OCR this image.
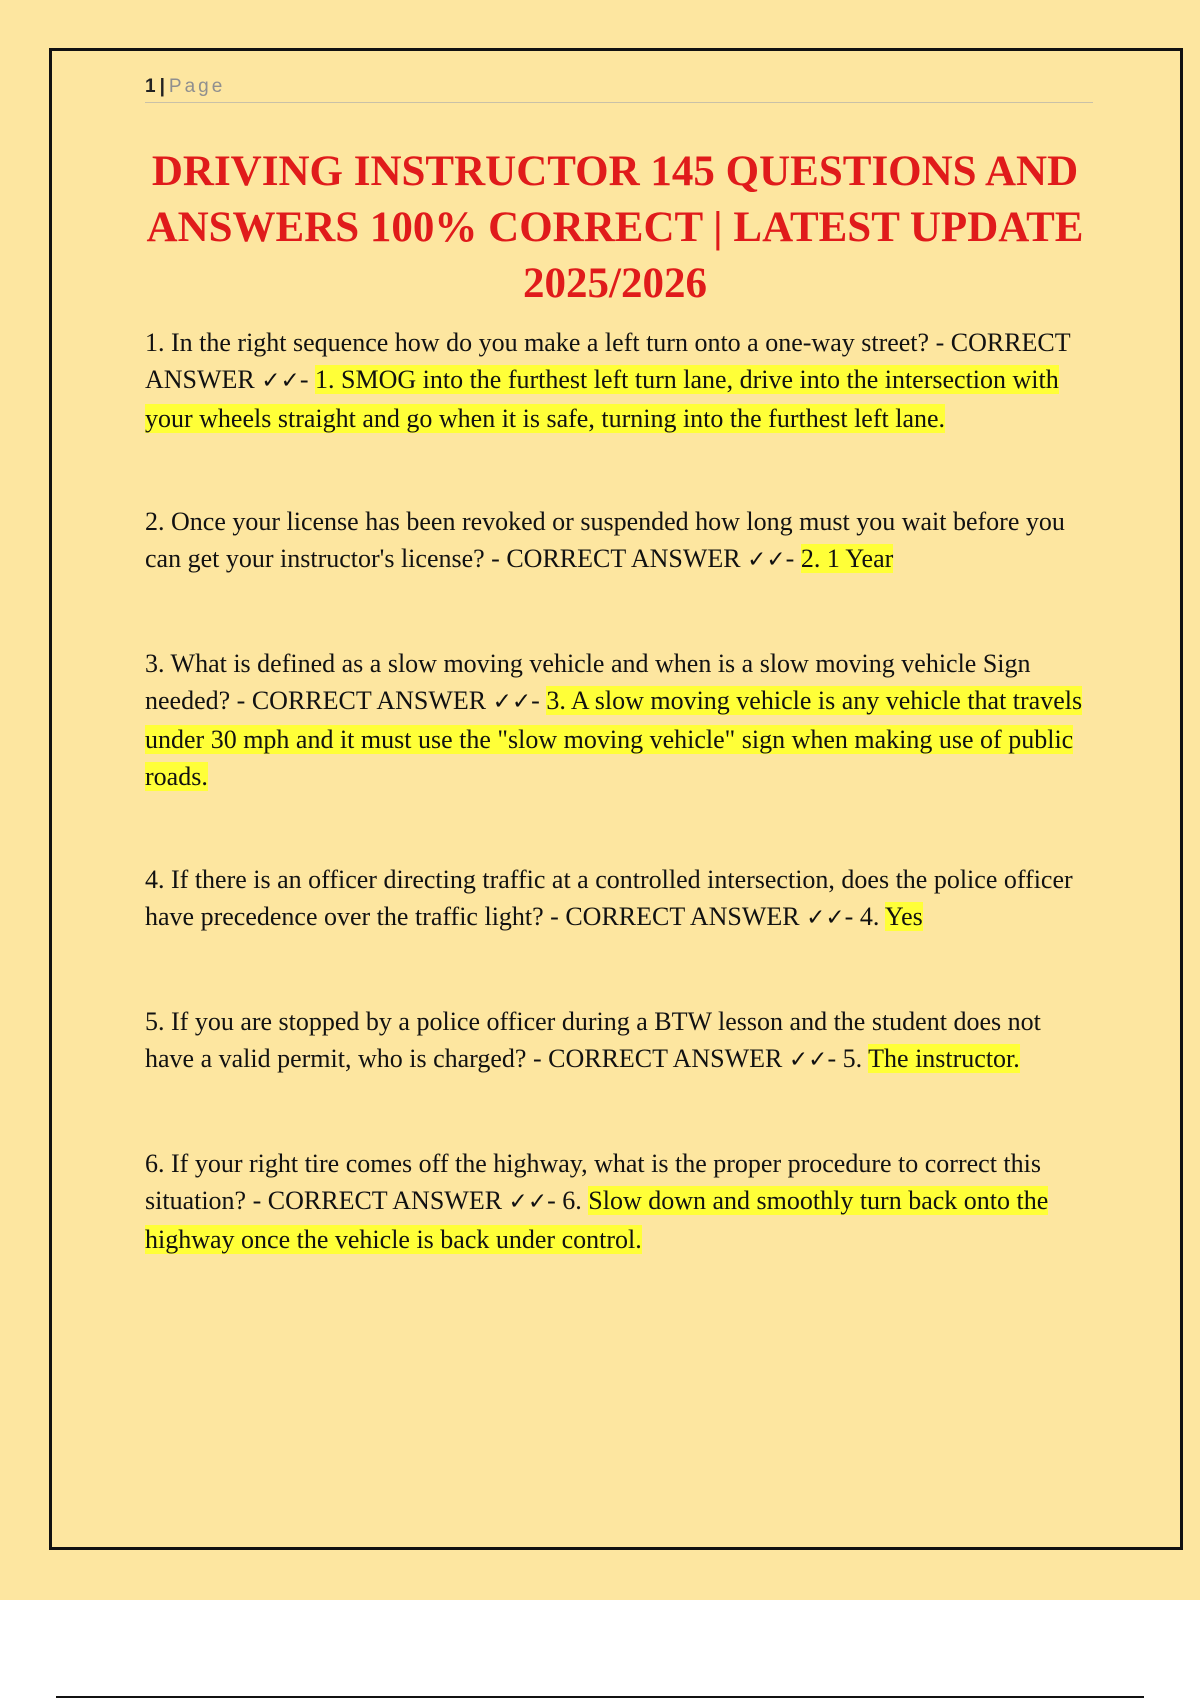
1 | Page
DRIVING INSTRUCTOR 145 QUESTIONS AND ANSWERS 100% CORRECT | LATEST UPDATE 2025/2026

1. In the right sequence how do you make a left turn onto a one-way street? - CORRECT ANSWER ✓✓- 1. SMOG into the furthest left turn lane, drive into the intersection with your wheels straight and go when it is safe, turning into the furthest left lane.

2. Once your license has been revoked or suspended how long must you wait before you can get your instructor's license? - CORRECT ANSWER ✓✓- 2. 1 Year

3. What is defined as a slow moving vehicle and when is a slow moving vehicle Sign needed? - CORRECT ANSWER ✓✓- 3. A slow moving vehicle is any vehicle that travels under 30 mph and it must use the "slow moving vehicle" sign when making use of public roads.

4. If there is an officer directing traffic at a controlled intersection, does the police officer have precedence over the traffic light? - CORRECT ANSWER ✓✓- 4. Yes

5. If you are stopped by a police officer during a BTW lesson and the student does not have a valid permit, who is charged? - CORRECT ANSWER ✓✓- 5. The instructor.

6. If your right tire comes off the highway, what is the proper procedure to correct this situation? - CORRECT ANSWER ✓✓- 6. Slow down and smoothly turn back onto the highway once the vehicle is back under control.
